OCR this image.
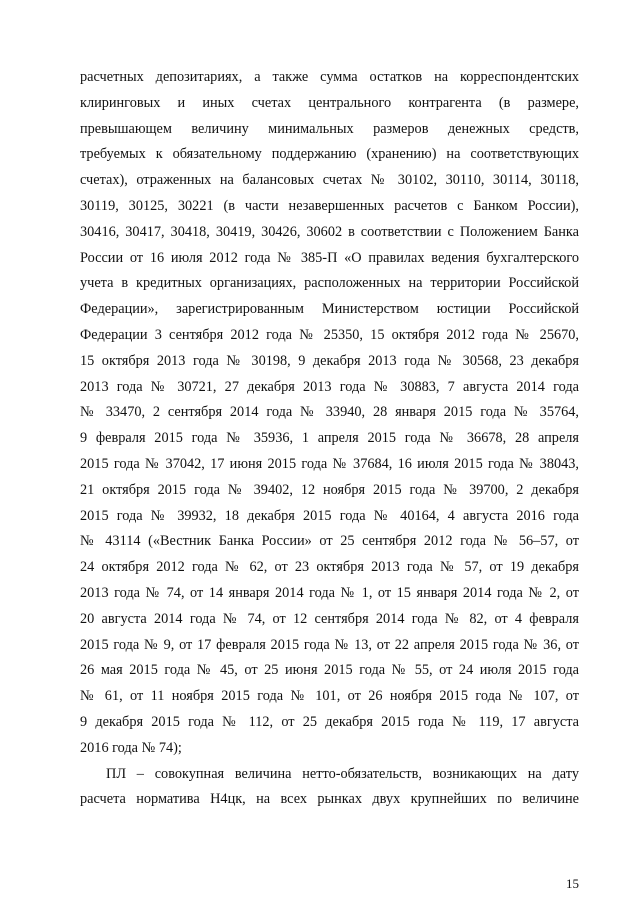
расчетных депозитариях, а также сумма остатков на корреспондентских
клиринговых и иных счетах центрального контрагента (в размере,
превышающем величину минимальных размеров денежных средств,
требуемых к обязательному поддержанию (хранению) на соответствующих
счетах), отраженных на балансовых счетах № 30102, 30110, 30114, 30118,
30119, 30125, 30221 (в части незавершенных расчетов с Банком России),
30416, 30417, 30418, 30419, 30426, 30602 в соответствии с Положением Банка
России от 16 июля 2012 года № 385-П «О правилах ведения бухгалтерского
учета в кредитных организациях, расположенных на территории Российской
Федерации», зарегистрированным Министерством юстиции Российской
Федерации 3 сентября 2012 года № 25350, 15 октября 2012 года № 25670,
15 октября 2013 года № 30198, 9 декабря 2013 года № 30568, 23 декабря
2013 года № 30721, 27 декабря 2013 года № 30883, 7 августа 2014 года
№ 33470, 2 сентября 2014 года № 33940, 28 января 2015 года № 35764,
9 февраля 2015 года № 35936, 1 апреля 2015 года № 36678, 28 апреля
2015 года № 37042, 17 июня 2015 года № 37684, 16 июля 2015 года № 38043,
21 октября 2015 года № 39402, 12 ноября 2015 года № 39700, 2 декабря
2015 года № 39932, 18 декабря 2015 года № 40164, 4 августа 2016 года
№ 43114 («Вестник Банка России» от 25 сентября 2012 года № 56–57, от
24 октября 2012 года № 62, от 23 октября 2013 года № 57, от 19 декабря
2013 года № 74, от 14 января 2014 года № 1, от 15 января 2014 года № 2, от
20 августа 2014 года № 74, от 12 сентября 2014 года № 82, от 4 февраля
2015 года № 9, от 17 февраля 2015 года № 13, от 22 апреля 2015 года № 36, от
26 мая 2015 года № 45, от 25 июня 2015 года № 55, от 24 июля 2015 года
№ 61, от 11 ноября 2015 года № 101, от 26 ноября 2015 года № 107, от
9 декабря 2015 года № 112, от 25 декабря 2015 года № 119, 17 августа
2016 года № 74);
ПЛ – совокупная величина нетто-обязательств, возникающих на дату
расчета норматива Н4цк, на всех рынках двух крупнейших по величине
15
